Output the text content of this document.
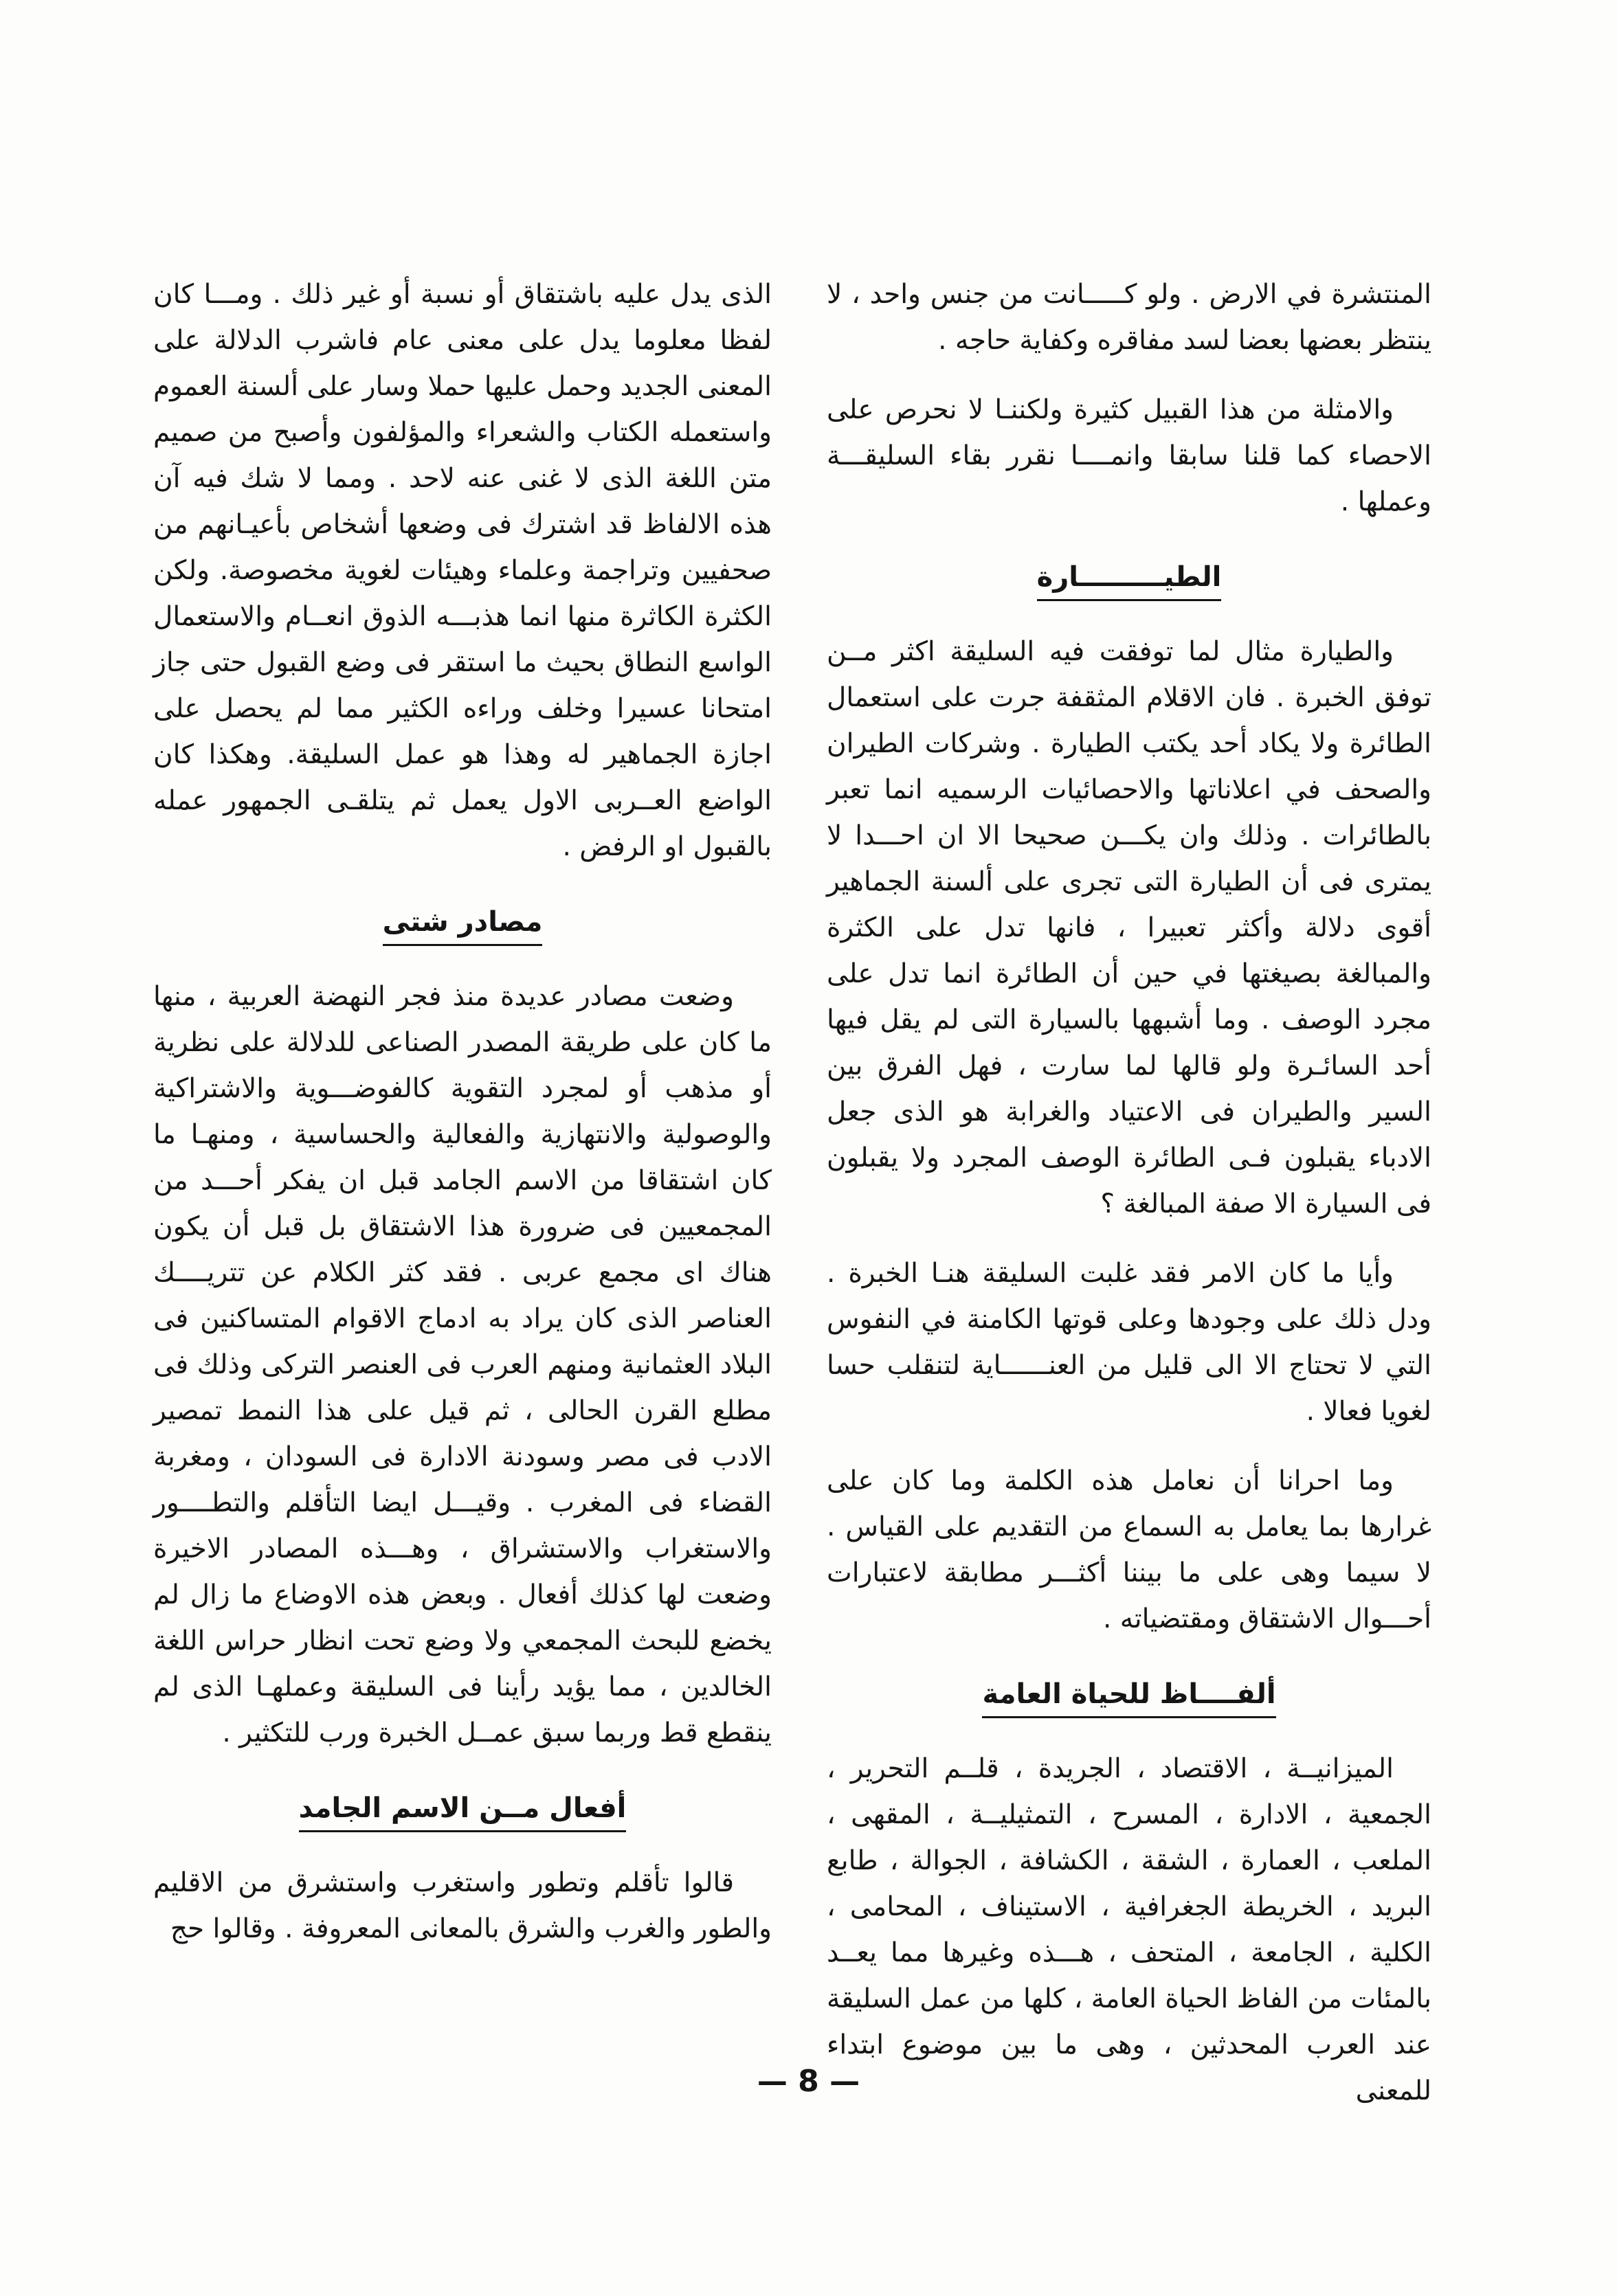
المنتشرة في الارض . ولو كـــــانت من جنس واحد ، لا ينتظر بعضها بعضا لسد مفاقره وكفاية حاجه .

والامثلة من هذا القبيل كثيرة ولكننـا لا نحرص على الاحصاء كما قلنا سابقا وانمــــا نقرر بقاء السليقـــة وعملها .

الطيـــــــــارة

والطيارة مثال لما توفقت فيه السليقة اكثر مــن توفق الخبرة . فان الاقلام المثقفة جرت على استعمال الطائرة ولا يكاد أحد يكتب الطيارة . وشركات الطيران والصحف في اعلاناتها والاحصائيات الرسميه انما تعبر بالطائرات . وذلك وان يكـــن صحيحا الا ان احـــدا لا يمترى فى أن الطيارة التى تجرى على ألسنة الجماهير أقوى دلالة وأكثر تعبيرا ، فانها تدل على الكثرة والمبالغة بصيغتها في حين أن الطائرة انما تدل على مجرد الوصف . وما أشبهها بالسيارة التى لم يقل فيها أحد السائـرة ولو قالها لما سارت ، فهل الفرق بين السير والطيران فى الاعتياد والغرابة هو الذى جعل الادباء يقبلون فـى الطائرة الوصف المجرد ولا يقبلون فى السيارة الا صفة المبالغة ؟

وأيا ما كان الامر فقد غلبت السليقة هنـا الخبرة . ودل ذلك على وجودها وعلى قوتها الكامنة في النفوس التي لا تحتاج الا الى قليل من العنــــــاية لتنقلب حسا لغويا فعالا .

وما احرانا أن نعامل هذه الكلمة وما كان على غرارها بما يعامل به السماع من التقديم على القياس . لا سيما وهى على ما بيننا أكثـــر مطابقة لاعتبارات أحـــوال الاشتقاق ومقتضياته .

ألفــــاظ للحياة العامة

الميزانيــة ، الاقتصاد ، الجريدة ، قلــم التحرير ، الجمعية ، الادارة ، المسرح ، التمثيليــة ، المقهى ، الملعب ، العمارة ، الشقة ، الكشافة ، الجوالة ، طابع البريد ، الخريطة الجغرافية ، الاستيناف ، المحامى ، الكلية ، الجامعة ، المتحف ، هـــذه وغيرها مما يعــد بالمئات من الفاظ الحياة العامة ، كلها من عمل السليقة عند العرب المحدثين ، وهى ما بين موضوع ابتداء للمعنى

الذى يدل عليه باشتقاق أو نسبة أو غير ذلك . ومـــا كان لفظا معلوما يدل على معنى عام فاشرب الدلالة على المعنى الجديد وحمل عليها حملا وسار على ألسنة العموم واستعمله الكتاب والشعراء والمؤلفون وأصبح من صميم متن اللغة الذى لا غنى عنه لاحد . ومما لا شك فيه آن هذه الالفاظ قد اشترك فى وضعها أشخاص بأعيـانهم من صحفيين وتراجمة وعلماء وهيئات لغوية مخصوصة. ولكن الكثرة الكاثرة منها انما هذبـــه الذوق انعــام والاستعمال الواسع النطاق بحيث ما استقر فى وضع القبول حتى جاز امتحانا عسيرا وخلف وراءه الكثير مما لم يحصل على اجازة الجماهير له وهذا هو عمل السليقة. وهكذا كان الواضع العــربى الاول يعمل ثم يتلقـى الجمهور عمله بالقبول او الرفض .

مصادر شتى

وضعت مصادر عديدة منذ فجر النهضة العربية ، منها ما كان على طريقة المصدر الصناعى للدلالة على نظرية أو مذهب أو لمجرد التقوية كالفوضـــوية والاشتراكية والوصولية والانتهازية والفعالية والحساسية ، ومنهـا ما كان اشتقاقا من الاسم الجامد قبل ان يفكر أحـــد من المجمعيين فى ضرورة هذا الاشتقاق بل قبل أن يكون هناك اى مجمع عربى . فقد كثر الكلام عن تتريــــك العناصر الذى كان يراد به ادماج الاقوام المتساكنين فى البلاد العثمانية ومنهم العرب فى العنصر التركى وذلك فى مطلع القرن الحالى ، ثم قيل على هذا النمط تمصير الادب فى مصر وسودنة الادارة فى السودان ، ومغربة القضاء فى المغرب . وقيـــل ايضا التأقلم والتطــــور والاستغراب والاستشراق ، وهـــذه المصادر الاخيرة وضعت لها كذلك أفعال . وبعض هذه الاوضاع ما زال لم يخضع للبحث المجمعي ولا وضع تحت انظار حراس اللغة الخالدين ، مما يؤيد رأينا فى السليقة وعملهـا الذى لم ينقطع قط وربما سبق عمــل الخبرة ورب للتكثير .

أفعال مــن الاسم الجامد

قالوا تأقلم وتطور واستغرب واستشرق من الاقليم والطور والغرب والشرق بالمعانى المعروفة . وقالوا حج

— 8 —
